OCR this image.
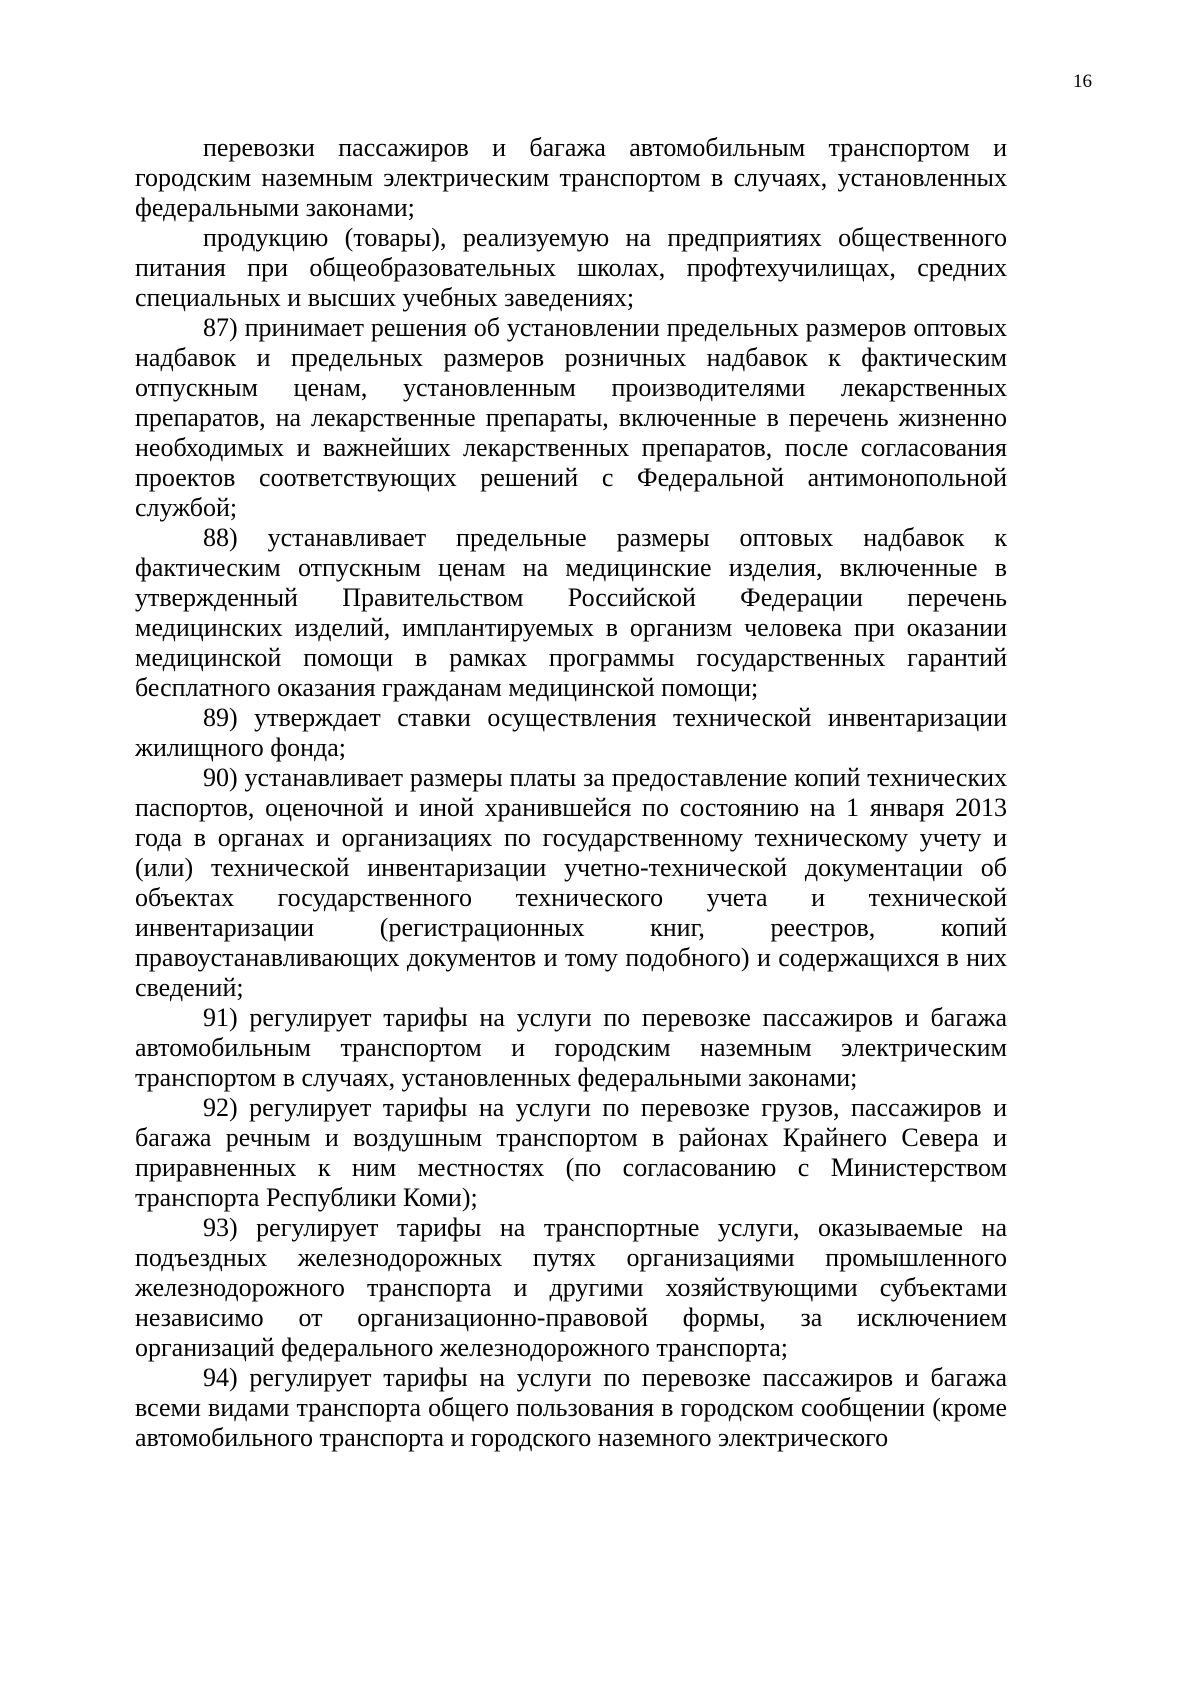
16

перевозки пассажиров и багажа автомобильным транспортом и городским наземным электрическим транспортом в случаях, установленных федеральными законами;

продукцию (товары), реализуемую на предприятиях общественного питания при общеобразовательных школах, профтехучилищах, средних специальных и высших учебных заведениях;

87) принимает решения об установлении предельных размеров оптовых надбавок и предельных размеров розничных надбавок к фактическим отпускным ценам, установленным производителями лекарственных препаратов, на лекарственные препараты, включенные в перечень жизненно необходимых и важнейших лекарственных препаратов, после согласования проектов соответствующих решений с Федеральной антимонопольной службой;

88) устанавливает предельные размеры оптовых надбавок к фактическим отпускным ценам на медицинские изделия, включенные в утвержденный Правительством Российской Федерации перечень медицинских изделий, имплантируемых в организм человека при оказании медицинской помощи в рамках программы государственных гарантий бесплатного оказания гражданам медицинской помощи;

89) утверждает ставки осуществления технической инвентаризации жилищного фонда;

90) устанавливает размеры платы за предоставление копий технических паспортов, оценочной и иной хранившейся по состоянию на 1 января 2013 года в органах и организациях по государственному техническому учету и (или) технической инвентаризации учетно-технической документации об объектах государственного технического учета и технической инвентаризации (регистрационных книг, реестров, копий правоустанавливающих документов и тому подобного) и содержащихся в них сведений;

91) регулирует тарифы на услуги по перевозке пассажиров и багажа автомобильным транспортом и городским наземным электрическим транспортом в случаях, установленных федеральными законами;

92) регулирует тарифы на услуги по перевозке грузов, пассажиров и багажа речным и воздушным транспортом в районах Крайнего Севера и приравненных к ним местностях (по согласованию с Министерством транспорта Республики Коми);

93) регулирует тарифы на транспортные услуги, оказываемые на подъездных железнодорожных путях организациями промышленного железнодорожного транспорта и другими хозяйствующими субъектами независимо от организационно-правовой формы, за исключением организаций федерального железнодорожного транспорта;

94) регулирует тарифы на услуги по перевозке пассажиров и багажа всеми видами транспорта общего пользования в городском сообщении (кроме автомобильного транспорта и городского наземного электрического
